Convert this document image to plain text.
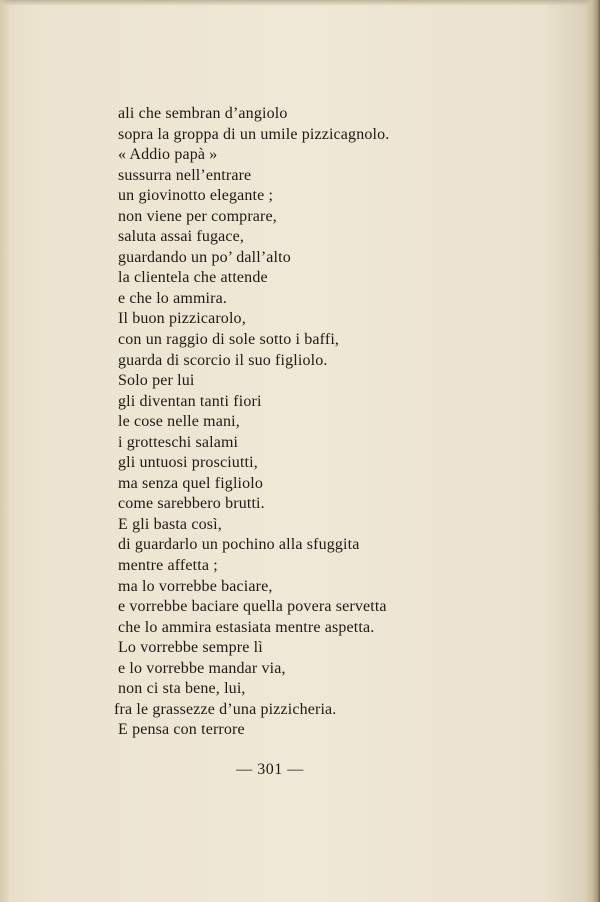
ali che sembran d’angiolo
sopra la groppa di un umile pizzicagnolo.
« Addio papà »
sussurra nell’entrare
un giovinotto elegante ;
non viene per comprare,
saluta assai fugace,
guardando un po’ dall’alto
la clientela che attende
e che lo ammira.
Il buon pizzicarolo,
con un raggio di sole sotto i baffi,
guarda di scorcio il suo figliolo.
Solo per lui
gli diventan tanti fiori
le cose nelle mani,
i grotteschi salami
gli untuosi prosciutti,
ma senza quel figliolo
come sarebbero brutti.
E gli basta così,
di guardarlo un pochino alla sfuggita
mentre affetta ;
ma lo vorrebbe baciare,
e vorrebbe baciare quella povera servetta
che lo ammira estasiata mentre aspetta.
Lo vorrebbe sempre lì
e lo vorrebbe mandar via,
non ci sta bene, lui,
fra le grassezze d’una pizzicheria.
E pensa con terrore
— 301 —
